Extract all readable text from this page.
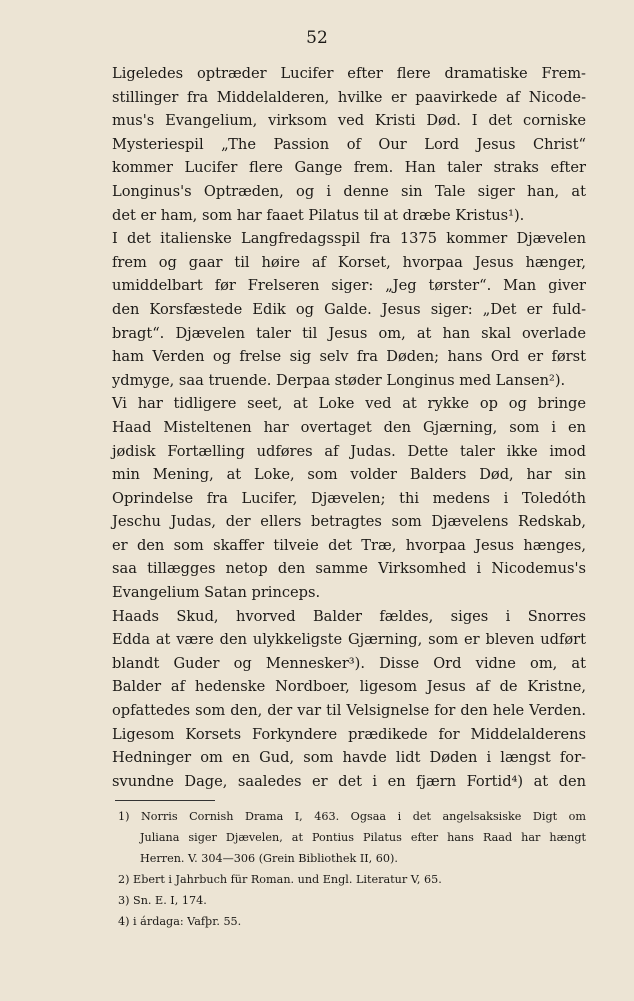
52
Ligeledes optræder Lucifer efter flere dramatiske Frem-
stillinger fra Middelalderen, hvilke er paavirkede af Nicode-
mus's Evangelium, virksom ved Kristi Død. I det corniske
Mysteriespil „The Passion of Our Lord Jesus Christ“
kommer Lucifer flere Gange frem. Han taler straks efter
Longinus's Optræden, og i denne sin Tale siger han, at
det er ham, som har faaet Pilatus til at dræbe Kristus¹).
I det italienske Langfredagsspil fra 1375 kommer Djævelen
frem og gaar til høire af Korset, hvorpaa Jesus hænger,
umiddelbart før Frelseren siger: „Jeg tørster“. Man giver
den Korsfæstede Edik og Galde. Jesus siger: „Det er fuld-
bragt“. Djævelen taler til Jesus om, at han skal overlade
ham Verden og frelse sig selv fra Døden; hans Ord er først
ydmyge, saa truende. Derpaa støder Longinus med Lansen²).
Vi har tidligere seet, at Loke ved at rykke op og bringe
Haad Misteltenen har overtaget den Gjærning, som i en
jødisk Fortælling udføres af Judas. Dette taler ikke imod
min Mening, at Loke, som volder Balders Død, har sin
Oprindelse fra Lucifer, Djævelen; thi medens i Toledóth
Jeschu Judas, der ellers betragtes som Djævelens Redskab,
er den som skaffer tilveie det Træ, hvorpaa Jesus hænges,
saa tillægges netop den samme Virksomhed i Nicodemus's
Evangelium Satan princeps.
Haads Skud, hvorved Balder fældes, siges i Snorres
Edda at være den ulykkeligste Gjærning, som er bleven udført
blandt Guder og Mennesker³). Disse Ord vidne om, at
Balder af hedenske Nordboer, ligesom Jesus af de Kristne,
opfattedes som den, der var til Velsignelse for den hele Verden.
Ligesom Korsets Forkyndere prædikede for Middelalderens
Hedninger om en Gud, som havde lidt Døden i længst for-
svundne Dage, saaledes er det i en fjærn Fortid⁴) at den
1) Norris Cornish Drama I, 463. Ogsaa i det angelsaksiske Digt om
Juliana siger Djævelen, at Pontius Pilatus efter hans Raad har hængt
Herren. V. 304—306 (Grein Bibliothek II, 60).
2) Ebert i Jahrbuch für Roman. und Engl. Literatur V, 65.
3) Sn. E. I, 174.
4) i árdaga: Vafþr. 55.
